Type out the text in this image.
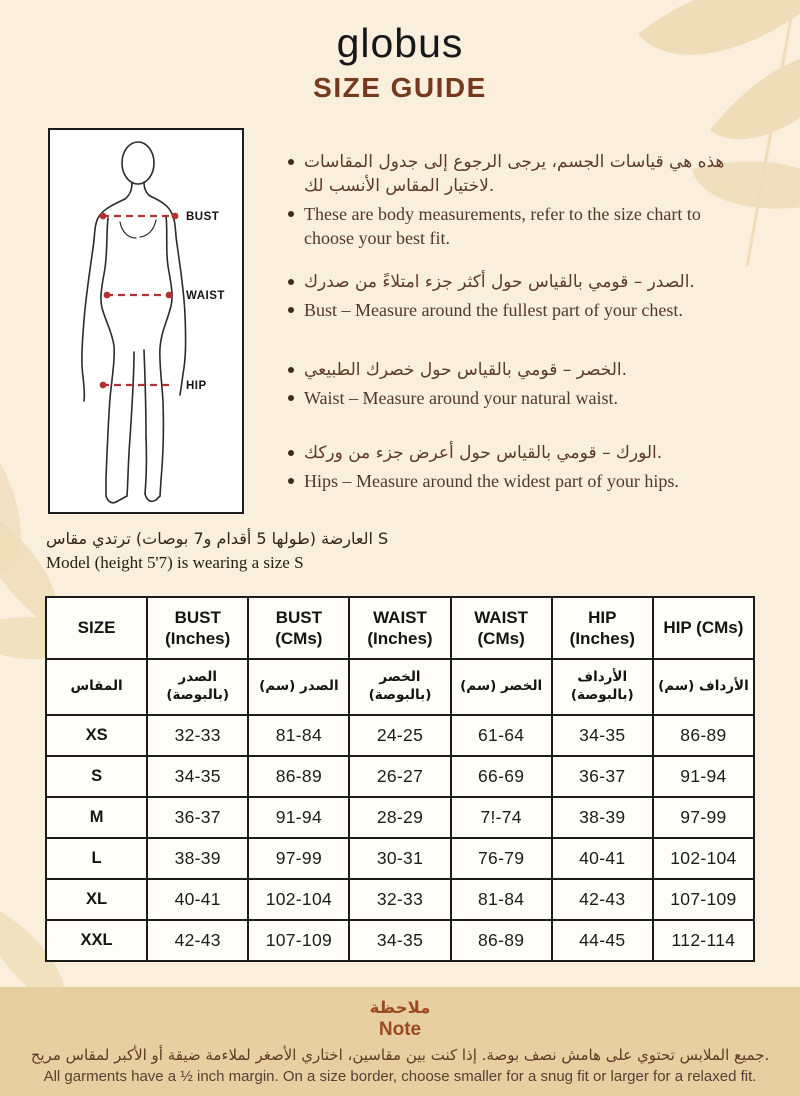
globus
SIZE GUIDE
BUST
WAIST
HIP
هذه هي قياسات الجسم، يرجى الرجوع إلى جدول المقاسات لاختيار المقاس الأنسب لك.
These are body measurements, refer to the size chart to choose your best fit.
الصدر – قومي بالقياس حول أكثر جزء امتلاءً من صدرك.
Bust – Measure around the fullest part of your chest.
الخصر – قومي بالقياس حول خصرك الطبيعي.
Waist – Measure around your natural waist.
الورك – قومي بالقياس حول أعرض جزء من وركك.
Hips – Measure around the widest part of your hips.
العارضة (طولها 5 أقدام و7 بوصات) ترتدي مقاس S
Model (height 5'7) is wearing a size S
SIZE	BUST (Inches)	BUST (CMs)	WAIST (Inches)	WAIST (CMs)	HIP (Inches)	HIP (CMs)
المقاس	الصدر (بالبوصة)	الصدر (سم)	الخصر (بالبوصة)	الخصر (سم)	الأرداف (بالبوصة)	الأرداف (سم)
XS	32-33	81-84	24-25	61-64	34-35	86-89
S	34-35	86-89	26-27	66-69	36-37	91-94
M	36-37	91-94	28-29	7!-74	38-39	97-99
L	38-39	97-99	30-31	76-79	40-41	102-104
XL	40-41	102-104	32-33	81-84	42-43	107-109
XXL	42-43	107-109	34-35	86-89	44-45	112-114
ملاحظة
Note
جميع الملابس تحتوي على هامش نصف بوصة. إذا كنت بين مقاسين، اختاري الأصغر لملاءمة ضيقة أو الأكبر لمقاس مريح.
All garments have a ½ inch margin. On a size border, choose smaller for a snug fit or larger for a relaxed fit.
